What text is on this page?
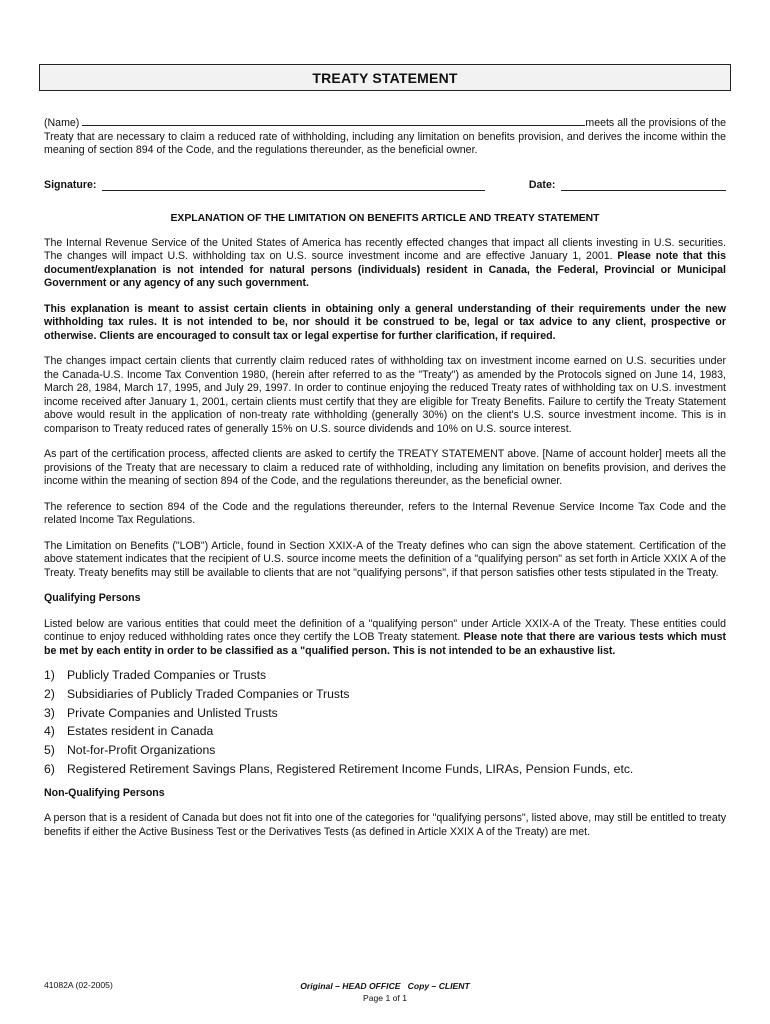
TREATY STATEMENT

(Name)	meets all the provisions of the Treaty that are necessary to claim a reduced rate of withholding, including any limitation on benefits provision, and derives the income within the meaning of section 894 of the Code, and the regulations thereunder, as the beneficial owner.

Signature:	Date:
EXPLANATION OF THE LIMITATION ON BENEFITS ARTICLE AND TREATY STATEMENT

The Internal Revenue Service of the United States of America has recently effected changes that impact all clients investing in U.S. securities. The changes will impact U.S. withholding tax on U.S. source investment income and are effective January 1, 2001. Please note that this document/explanation is not intended for natural persons (individuals) resident in Canada, the Federal, Provincial or Municipal Government or any agency of any such government.

This explanation is meant to assist certain clients in obtaining only a general understanding of their requirements under the new withholding tax rules. It is not intended to be, nor should it be construed to be, legal or tax advice to any client, prospective or otherwise. Clients are encouraged to consult tax or legal expertise for further clarification, if required.

The changes impact certain clients that currently claim reduced rates of withholding tax on investment income earned on U.S. securities under the Canada-U.S. Income Tax Convention 1980, (herein after referred to as the "Treaty") as amended by the Protocols signed on June 14, 1983, March 28, 1984, March 17, 1995, and July 29, 1997. In order to continue enjoying the reduced Treaty rates of withholding tax on U.S. investment income received after January 1, 2001, certain clients must certify that they are eligible for Treaty Benefits. Failure to certify the Treaty Statement above would result in the application of non-treaty rate withholding (generally 30%) on the client's U.S. source investment income. This is in comparison to Treaty reduced rates of generally 15% on U.S. source dividends and 10% on U.S. source interest.

As part of the certification process, affected clients are asked to certify the TREATY STATEMENT above. [Name of account holder] meets all the provisions of the Treaty that are necessary to claim a reduced rate of withholding, including any limitation on benefits provision, and derives the income within the meaning of section 894 of the Code, and the regulations thereunder, as the beneficial owner.

The reference to section 894 of the Code and the regulations thereunder, refers to the Internal Revenue Service Income Tax Code and the related Income Tax Regulations.

The Limitation on Benefits ("LOB") Article, found in Section XXIX-A of the Treaty defines who can sign the above statement. Certification of the above statement indicates that the recipient of U.S. source income meets the definition of a "qualifying person" as set forth in Article XXIX A of the Treaty. Treaty benefits may still be available to clients that are not "qualifying persons", if that person satisfies other tests stipulated in the Treaty.

Qualifying Persons

Listed below are various entities that could meet the definition of a "qualifying person" under Article XXIX-A of the Treaty. These entities could continue to enjoy reduced withholding rates once they certify the LOB Treaty statement. Please note that there are various tests which must be met by each entity in order to be classified as a "qualified person. This is not intended to be an exhaustive list.

1) Publicly Traded Companies or Trusts
2) Subsidiaries of Publicly Traded Companies or Trusts
3) Private Companies and Unlisted Trusts
4) Estates resident in Canada
5) Not-for-Profit Organizations
6) Registered Retirement Savings Plans, Registered Retirement Income Funds, LIRAs, Pension Funds, etc.

Non-Qualifying Persons

A person that is a resident of Canada but does not fit into one of the categories for "qualifying persons", listed above, may still be entitled to treaty benefits if either the Active Business Test or the Derivatives Tests (as defined in Article XXIX A of the Treaty) are met.

41082A (02-2005)	Original – HEAD OFFICE   Copy – CLIENT
Page 1 of 1
